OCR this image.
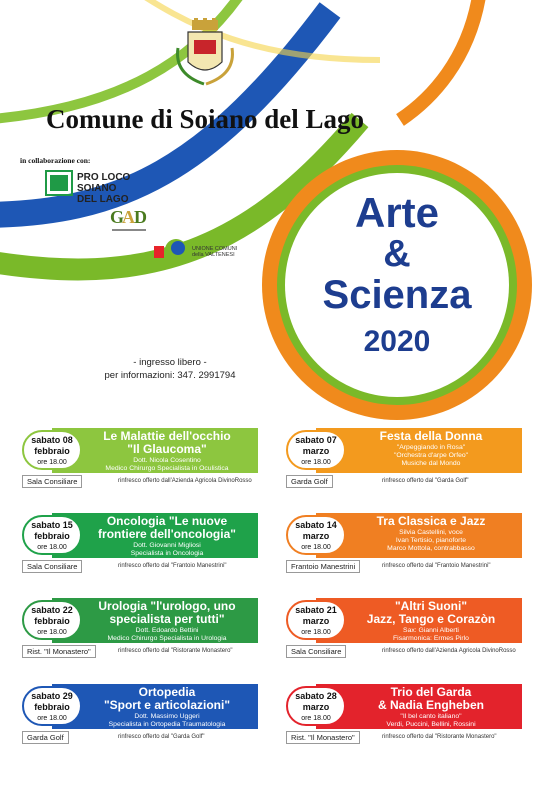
Comune di Soiano del Lago
in collaborazione con:
PRO LOCO
SOIANO
DEL LAGO
G
A D
UNIONE COMUNI
della VALTENESI
Arte
&
Scienza
2020
- ingresso libero -
per informazioni: 347. 2991794
sabato 08
febbraio
ore 18.00
Le Malattie dell'occhio
"Il Glaucoma"
Dott. Nicola Cosentino
Medico Chirurgo Specialista in Oculistica
Sala Consiliare	rinfresco offerto dall'Azienda Agricola DivinoRosso
sabato 15
febbraio
ore 18.00
Oncologia "Le nuove
frontiere dell'oncologia"
Dott. Giovanni Migliosi
Specialista in Oncologia
Sala Consiliare	rinfresco offerto dal "Frantoio Manestrini"
sabato 22
febbraio
ore 18.00
Urologia "l'urologo, uno
specialista per tutti"
Dott. Edoardo Bettini
Medico Chirurgo Specialista in Urologia
Rist. "Il Monastero"	rinfresco offerto dal "Ristorante Monastero"
sabato 29
febbraio
ore 18.00
Ortopedia
"Sport e articolazioni"
Dott. Massimo Uggeri
Specialista in Ortopedia Traumatologia
Garda Golf	rinfresco offerto dal "Garda Golf"
sabato 07
marzo
ore 18.00
Festa della Donna
"Arpeggiando in Rosa"
"Orchestra d'arpe Orfeo"
Musiche dal Mondo
Garda Golf	rinfresco offerto dal "Garda Golf"
sabato 14
marzo
ore 18.00
Tra Classica e Jazz
Silvia Castellini, voce
Ivan Tertisio, pianoforte
Marco Mottola, contrabbasso
Frantoio Manestrini	rinfresco offerto dal "Frantoio Manestrini"
sabato 21
marzo
ore 18.00
"Altri Suoni"
Jazz, Tango e Corazòn
Sax: Gianni Alberti
Fisarmonica: Ermes Pirlo
Sala Consiliare	rinfresco offerto dall'Azienda Agricola DivinoRosso
sabato 28
marzo
ore 18.00
Trio del Garda
& Nadia Engheben
"Il bel canto italiano"
Verdi, Puccini, Bellini, Rossini
Rist. "Il Monastero"	rinfresco offerto dal "Ristorante Monastero"
